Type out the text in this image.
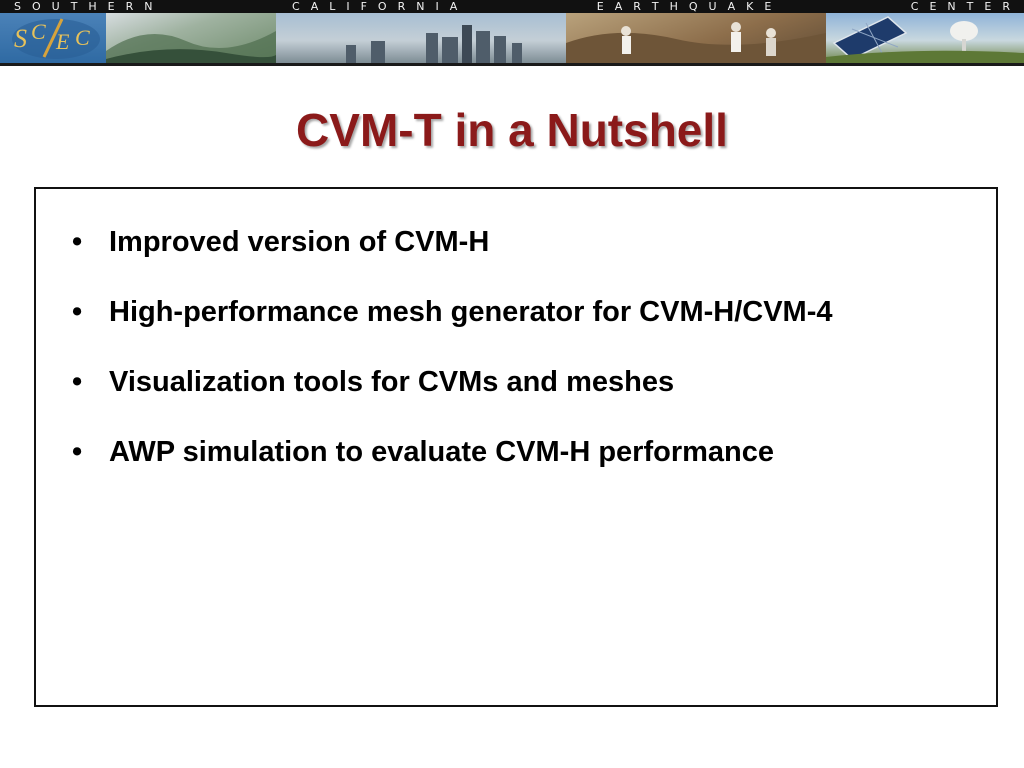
S O U T H E R N	C A L I F O R N I A	E A R T H Q U A K E	C E N T E R
S C E C
CVM-T in a Nutshell
• Improved version of CVM-H
• High-performance mesh generator for CVM-H/CVM-4
• Visualization tools for CVMs and meshes
• AWP simulation to evaluate CVM-H performance
